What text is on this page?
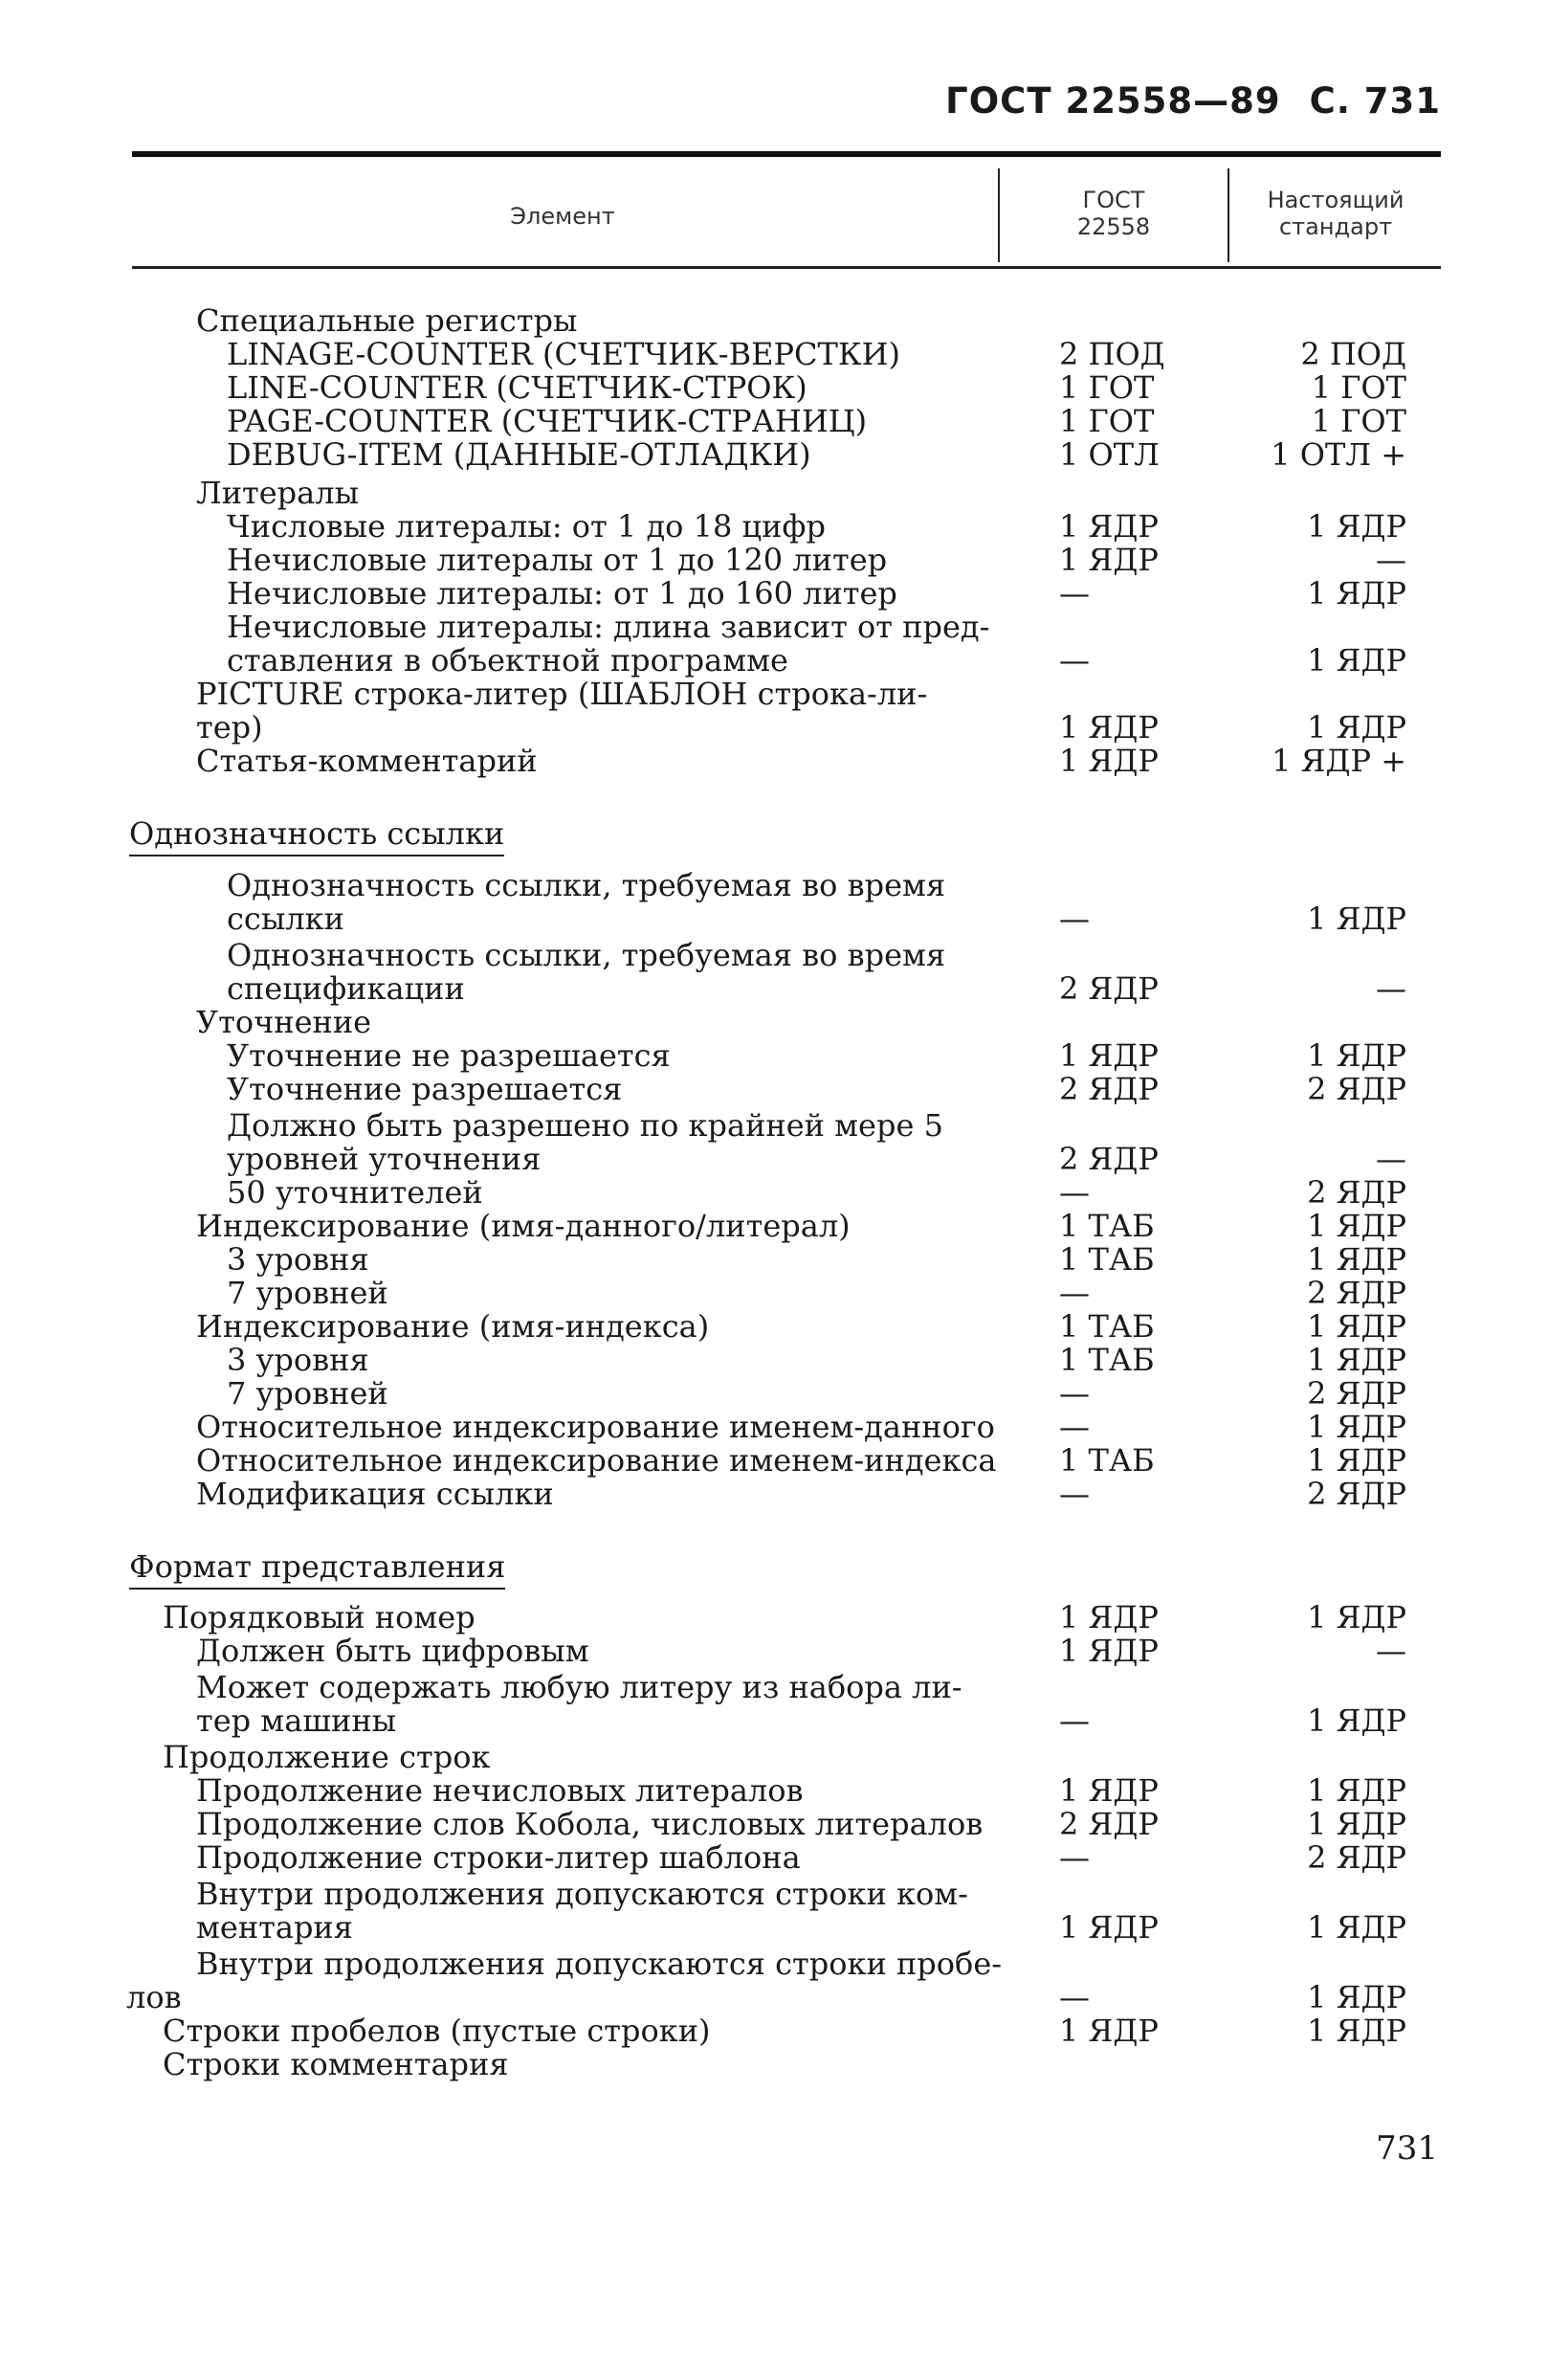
ГОСТ 22558—89 С. 731
Элемент
ГОСТ
22558
Настоящий
стандарт
Специальные регистры
LINAGE-COUNTER (СЧЕТЧИК-ВЕРСТКИ)	2 ПОД	2 ПОД
LINE-COUNTER (СЧЕТЧИК-СТРОК)	1 ГОТ	1 ГОТ
PAGE-COUNTER (СЧЕТЧИК-СТРАНИЦ)	1 ГОТ	1 ГОТ
DEBUG-ITEM (ДАННЫЕ-ОТЛАДКИ)	1 ОТЛ	1 ОТЛ +
Литералы
Числовые литералы: от 1 до 18 цифр	1 ЯДР	1 ЯДР
Нечисловые литералы от 1 до 120 литер	1 ЯДР	—
Нечисловые литералы: от 1 до 160 литер	—	1 ЯДР
Нечисловые литералы: длина зависит от пред-
ставления в объектной программе	—	1 ЯДР
PICTURE строка-литер (ШАБЛОН строка-ли-
тер)	1 ЯДР	1 ЯДР
Статья-комментарий	1 ЯДР	1 ЯДР +
Однозначность ссылки
Однозначность ссылки, требуемая во время
ссылки	—	1 ЯДР
Однозначность ссылки, требуемая во время
спецификации	2 ЯДР	—
Уточнение
Уточнение не разрешается	1 ЯДР	1 ЯДР
Уточнение разрешается	2 ЯДР	2 ЯДР
Должно быть разрешено по крайней мере 5
уровней уточнения	2 ЯДР	—
50 уточнителей	—	2 ЯДР
Индексирование (имя-данного/литерал)	1 ТАБ	1 ЯДР
3 уровня	1 ТАБ	1 ЯДР
7 уровней	—	2 ЯДР
Индексирование (имя-индекса)	1 ТАБ	1 ЯДР
3 уровня	1 ТАБ	1 ЯДР
7 уровней	—	2 ЯДР
Относительное индексирование именем-данного —	1 ЯДР
Относительное индексирование именем-индекса 1 ТАБ	1 ЯДР
Модификация ссылки	—	2 ЯДР
Формат представления
Порядковый номер	1 ЯДР	1 ЯДР
Должен быть цифровым	1 ЯДР	—
Может содержать любую литеру из набора ли-
тер машины	—	1 ЯДР
Продолжение строк
Продолжение нечисловых литералов	1 ЯДР	1 ЯДР
Продолжение слов Кобола, числовых литералов 2 ЯДР	1 ЯДР
Продолжение строки-литер шаблона	—	2 ЯДР
Внутри продолжения допускаются строки ком-
ментария	1 ЯДР	1 ЯДР
Внутри продолжения допускаются строки пробе-
лов	—	1 ЯДР
Строки пробелов (пустые строки)	1 ЯДР	1 ЯДР
Строки комментария
731
